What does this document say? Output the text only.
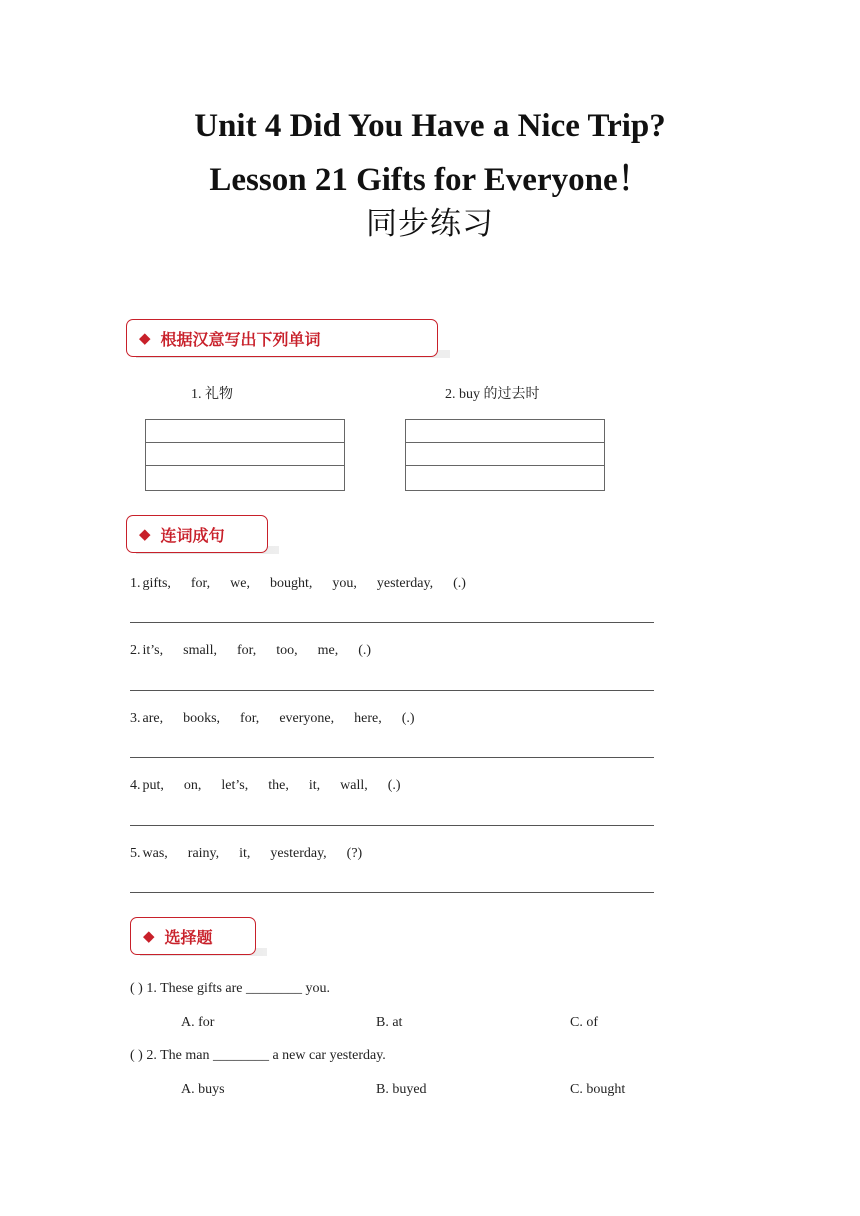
Unit 4 Did You Have a Nice Trip?
Lesson 21 Gifts for Everyone！
同步练习
◆ 根据汉意写出下列单词
1. 礼物	2. buy 的过去时
◆ 连词成句
1. gifts, for, we, bought, you, yesterday, (.)
2. it’s, small, for, too, me, (.)
3. are, books, for, everyone, here, (.)
4. put, on, let’s, the, it, wall, (.)
5. was, rainy, it, yesterday, (?)
◆ 选择题
( ) 1. These gifts are ________ you.
A. for	B. at	C. of
( ) 2. The man ________ a new car yesterday.
A. buys	B. buyed	C. bought
